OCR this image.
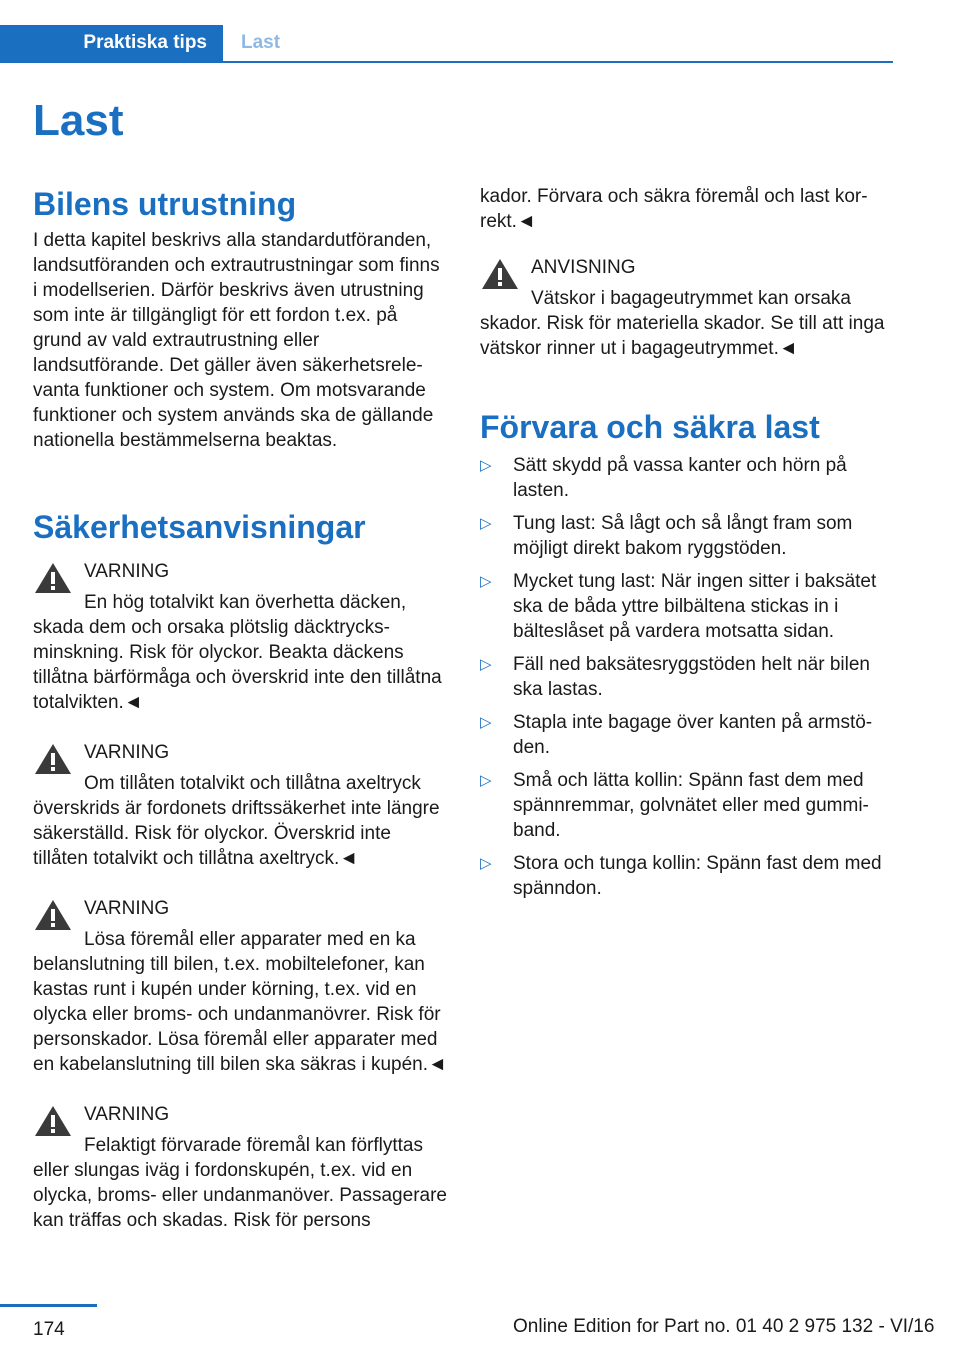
Praktiska tips	Last
Last
Bilens utrustning

I detta kapitel beskrivs alla standardutföranden, landsutföranden och extrautrustningar som finns i modellserien. Därför beskrivs även utrustning som inte är tillgängligt för ett fordon t.ex. på grund av vald extrautrustning eller landsutförande. Det gäller även säkerhetsrelevanta funktioner och system. Om motsvarande funktioner och system används ska de gällande nationella bestämmelserna beaktas.

Säkerhetsanvisningar

VARNING

En hög totalvikt kan överhetta däcken,

skada dem och orsaka plötslig däcktrycksminskning. Risk för olyckor. Beakta däckens tillåtna bärförmåga och överskrid inte den tillåtna totalvikten.◄

VARNING

Om tillåten totalvikt och tillåtna axeltryck

överskrids är fordonets driftssäkerhet inte längre säkerställd. Risk för olyckor. Överskrid inte tillåten totalvikt och tillåtna axeltryck.◄

VARNING

Lösa föremål eller apparater med en ka

belanslutning till bilen, t.ex. mobiltelefoner, kan kastas runt i kupén under körning, t.ex. vid en olycka eller broms- och undanmanövrer. Risk för personskador. Lösa föremål eller apparater med en kabelanslutning till bilen ska säkras i kupén.◄

VARNING

Felaktigt förvarade föremål kan förflyttas

eller slungas iväg i fordonskupén, t.ex. vid en olycka, broms- eller undanmanöver. Passagerare kan träffas och skadas. Risk för persons

kador. Förvara och säkra föremål och last korrekt.◄

ANVISNING

Vätskor i bagageutrymmet kan orsaka

skador. Risk för materiella skador. Se till att inga vätskor rinner ut i bagageutrymmet.◄

Förvara och säkra last
▷ Sätt skydd på vassa kanter och hörn på lasten.
▷ Tung last: Så lågt och så långt fram som möjligt direkt bakom ryggstöden.
▷ Mycket tung last: När ingen sitter i baksätet ska de båda yttre bilbältena stickas in i bälteslåset på vardera motsatta sidan.
▷ Fäll ned baksätesryggstöden helt när bilen ska lastas.
▷ Stapla inte bagage över kanten på armstöden.
▷ Små och lätta kollin: Spänn fast dem med spännremmar, golvnätet eller med gummiband.
▷ Stora och tunga kollin: Spänn fast dem med spänndon.
174	Online Edition for Part no. 01 40 2 975 132 - VI/16
